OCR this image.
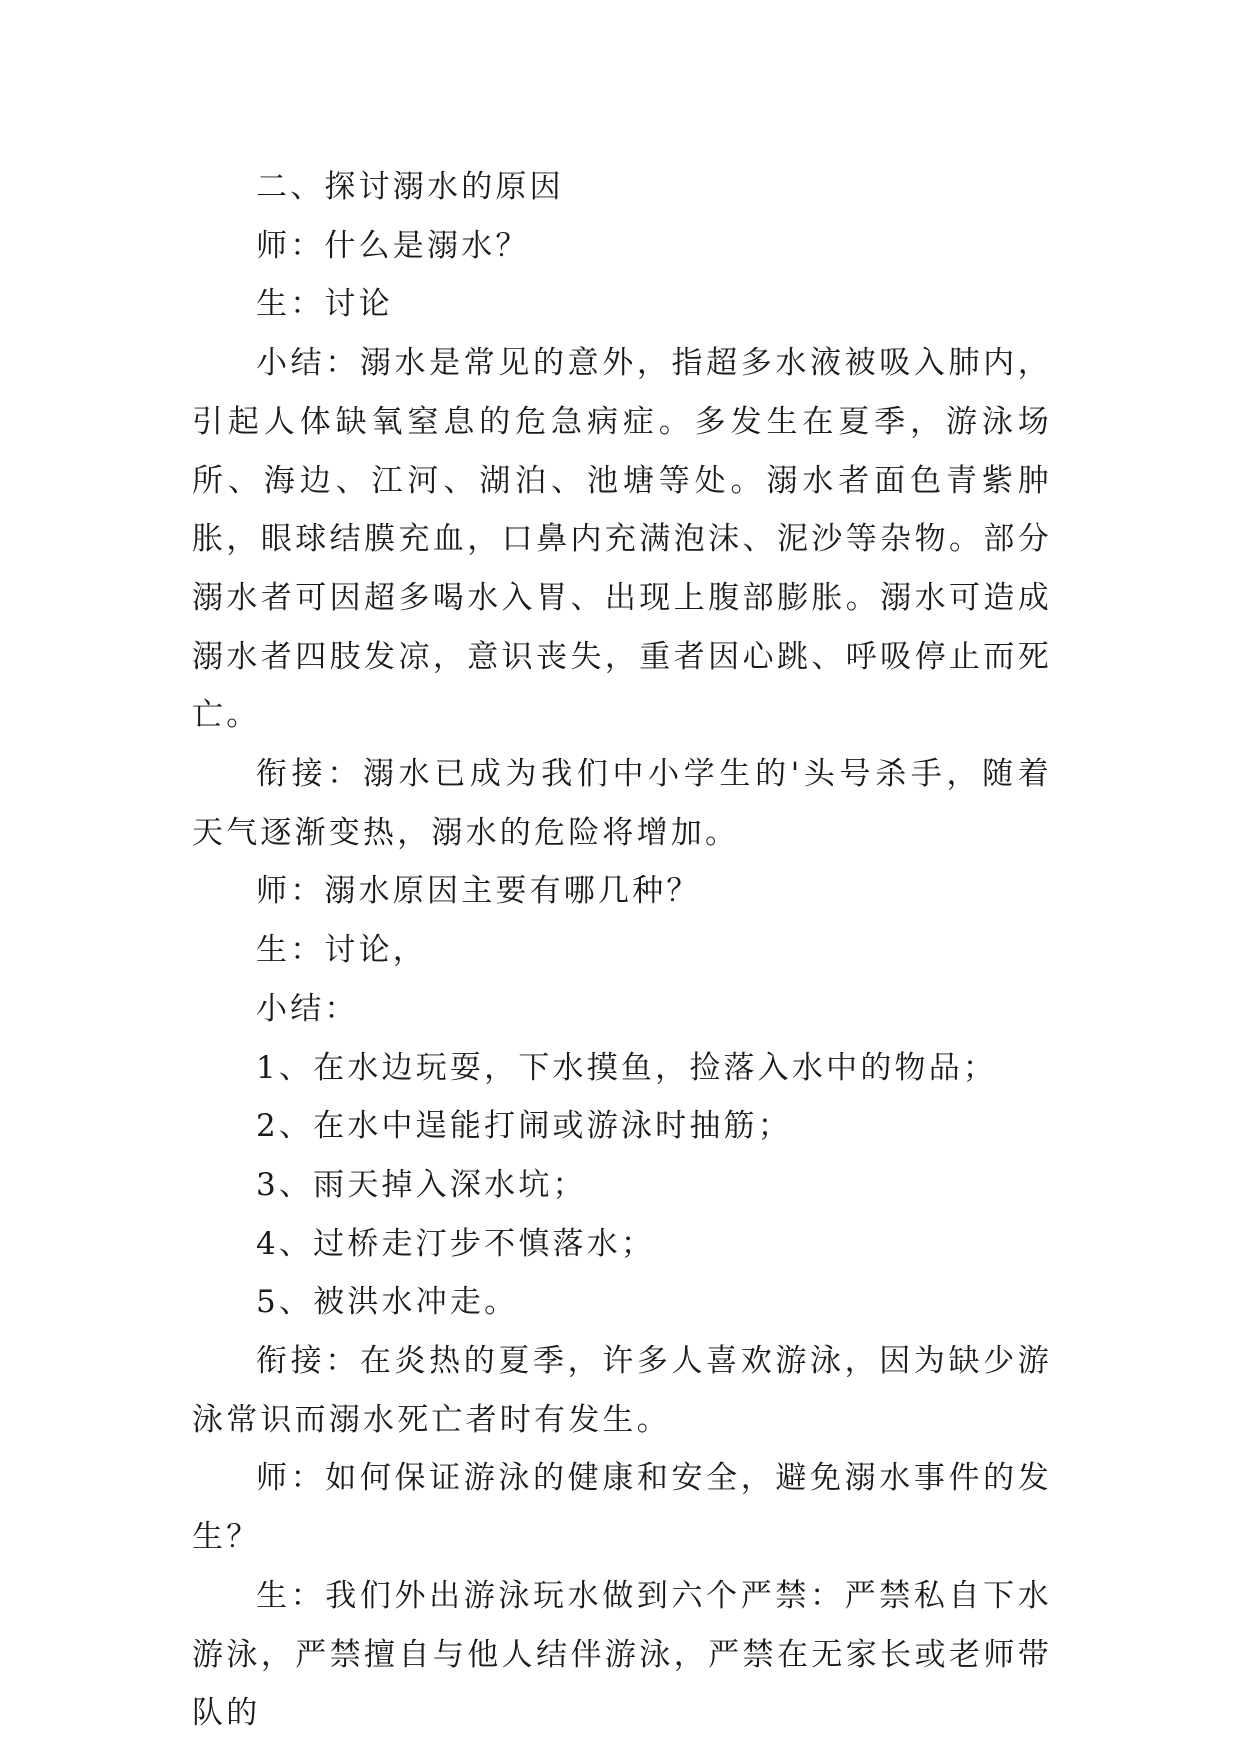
二、探讨溺水的原因

师：什么是溺水？

生：讨论

小结：溺水是常见的意外，指超多水液被吸入肺内，引起人体缺氧窒息的危急病症。多发生在夏季，游泳场所、海边、江河、湖泊、池塘等处。溺水者面色青紫肿胀，眼球结膜充血，口鼻内充满泡沫、泥沙等杂物。部分溺水者可因超多喝水入胃、出现上腹部膨胀。溺水可造成溺水者四肢发凉，意识丧失，重者因心跳、呼吸停止而死亡。

衔接：溺水已成为我们中小学生的'头号杀手，随着天气逐渐变热，溺水的危险将增加。

师：溺水原因主要有哪几种？

生：讨论，

小结：

1、在水边玩耍，下水摸鱼，捡落入水中的物品；

2、在水中逞能打闹或游泳时抽筋；

3、雨天掉入深水坑；

4、过桥走汀步不慎落水；

5、被洪水冲走。

衔接：在炎热的夏季，许多人喜欢游泳，因为缺少游泳常识而溺水死亡者时有发生。

师：如何保证游泳的健康和安全，避免溺水事件的发生？

生：我们外出游泳玩水做到六个严禁：严禁私自下水游泳，严禁擅自与他人结伴游泳，严禁在无家长或老师带队的
